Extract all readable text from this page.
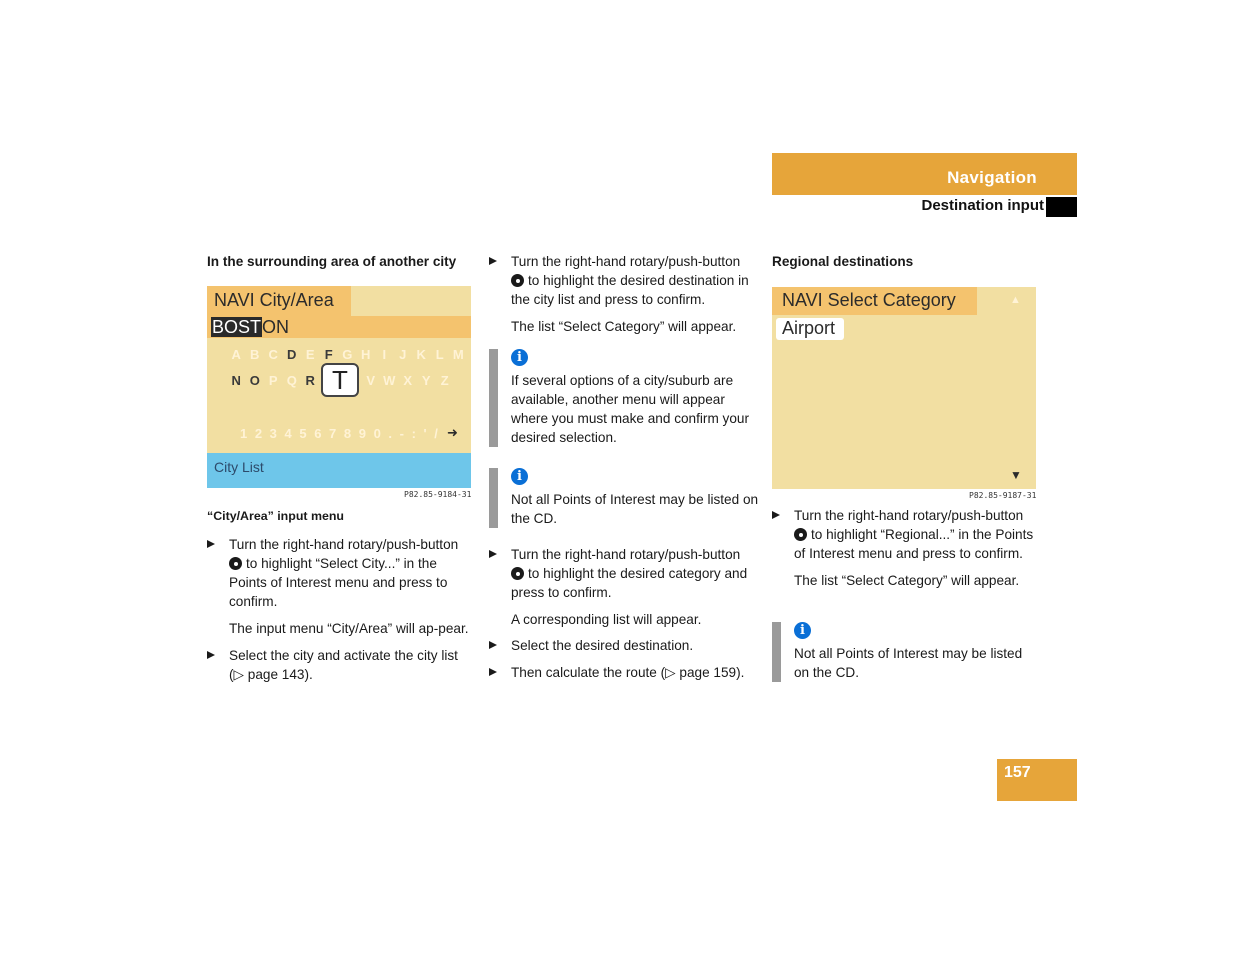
Navigation
Destination input
In the surrounding area of another city
NAVI City/Area
BOSTON
A B C D E F G H I J K L M
N O P Q R	V W X Y Z
T
1 2 3 4 5 6 7 8 9 0 . - : ' / ➜
City List
P82.85-9184-31
“City/Area” input menu
Turn the right-hand rotary/push-button
to highlight “Select City...” in the Points of Interest menu and press to confirm.
The input menu “City/Area” will ap-pear.
Select the city and activate the city list (▷ page 143).
Turn the right-hand rotary/push-button
to highlight the desired destination in the city list and press to confirm.
The list “Select Category” will appear.
i
If several options of a city/suburb are available, another menu will appear where you must make and confirm your desired selection.
i
Not all Points of Interest may be listed on the CD.
Turn the right-hand rotary/push-button
to highlight the desired category and press to confirm.
A corresponding list will appear.
Select the desired destination.
Then calculate the route (▷ page 159).
Regional destinations
NAVI Select Category	▲
Airport
▼
P82.85-9187-31
Turn the right-hand rotary/push-button
to highlight “Regional...” in the Points of Interest menu and press to confirm.
The list “Select Category” will appear.
i
Not all Points of Interest may be listed on the CD.
157
